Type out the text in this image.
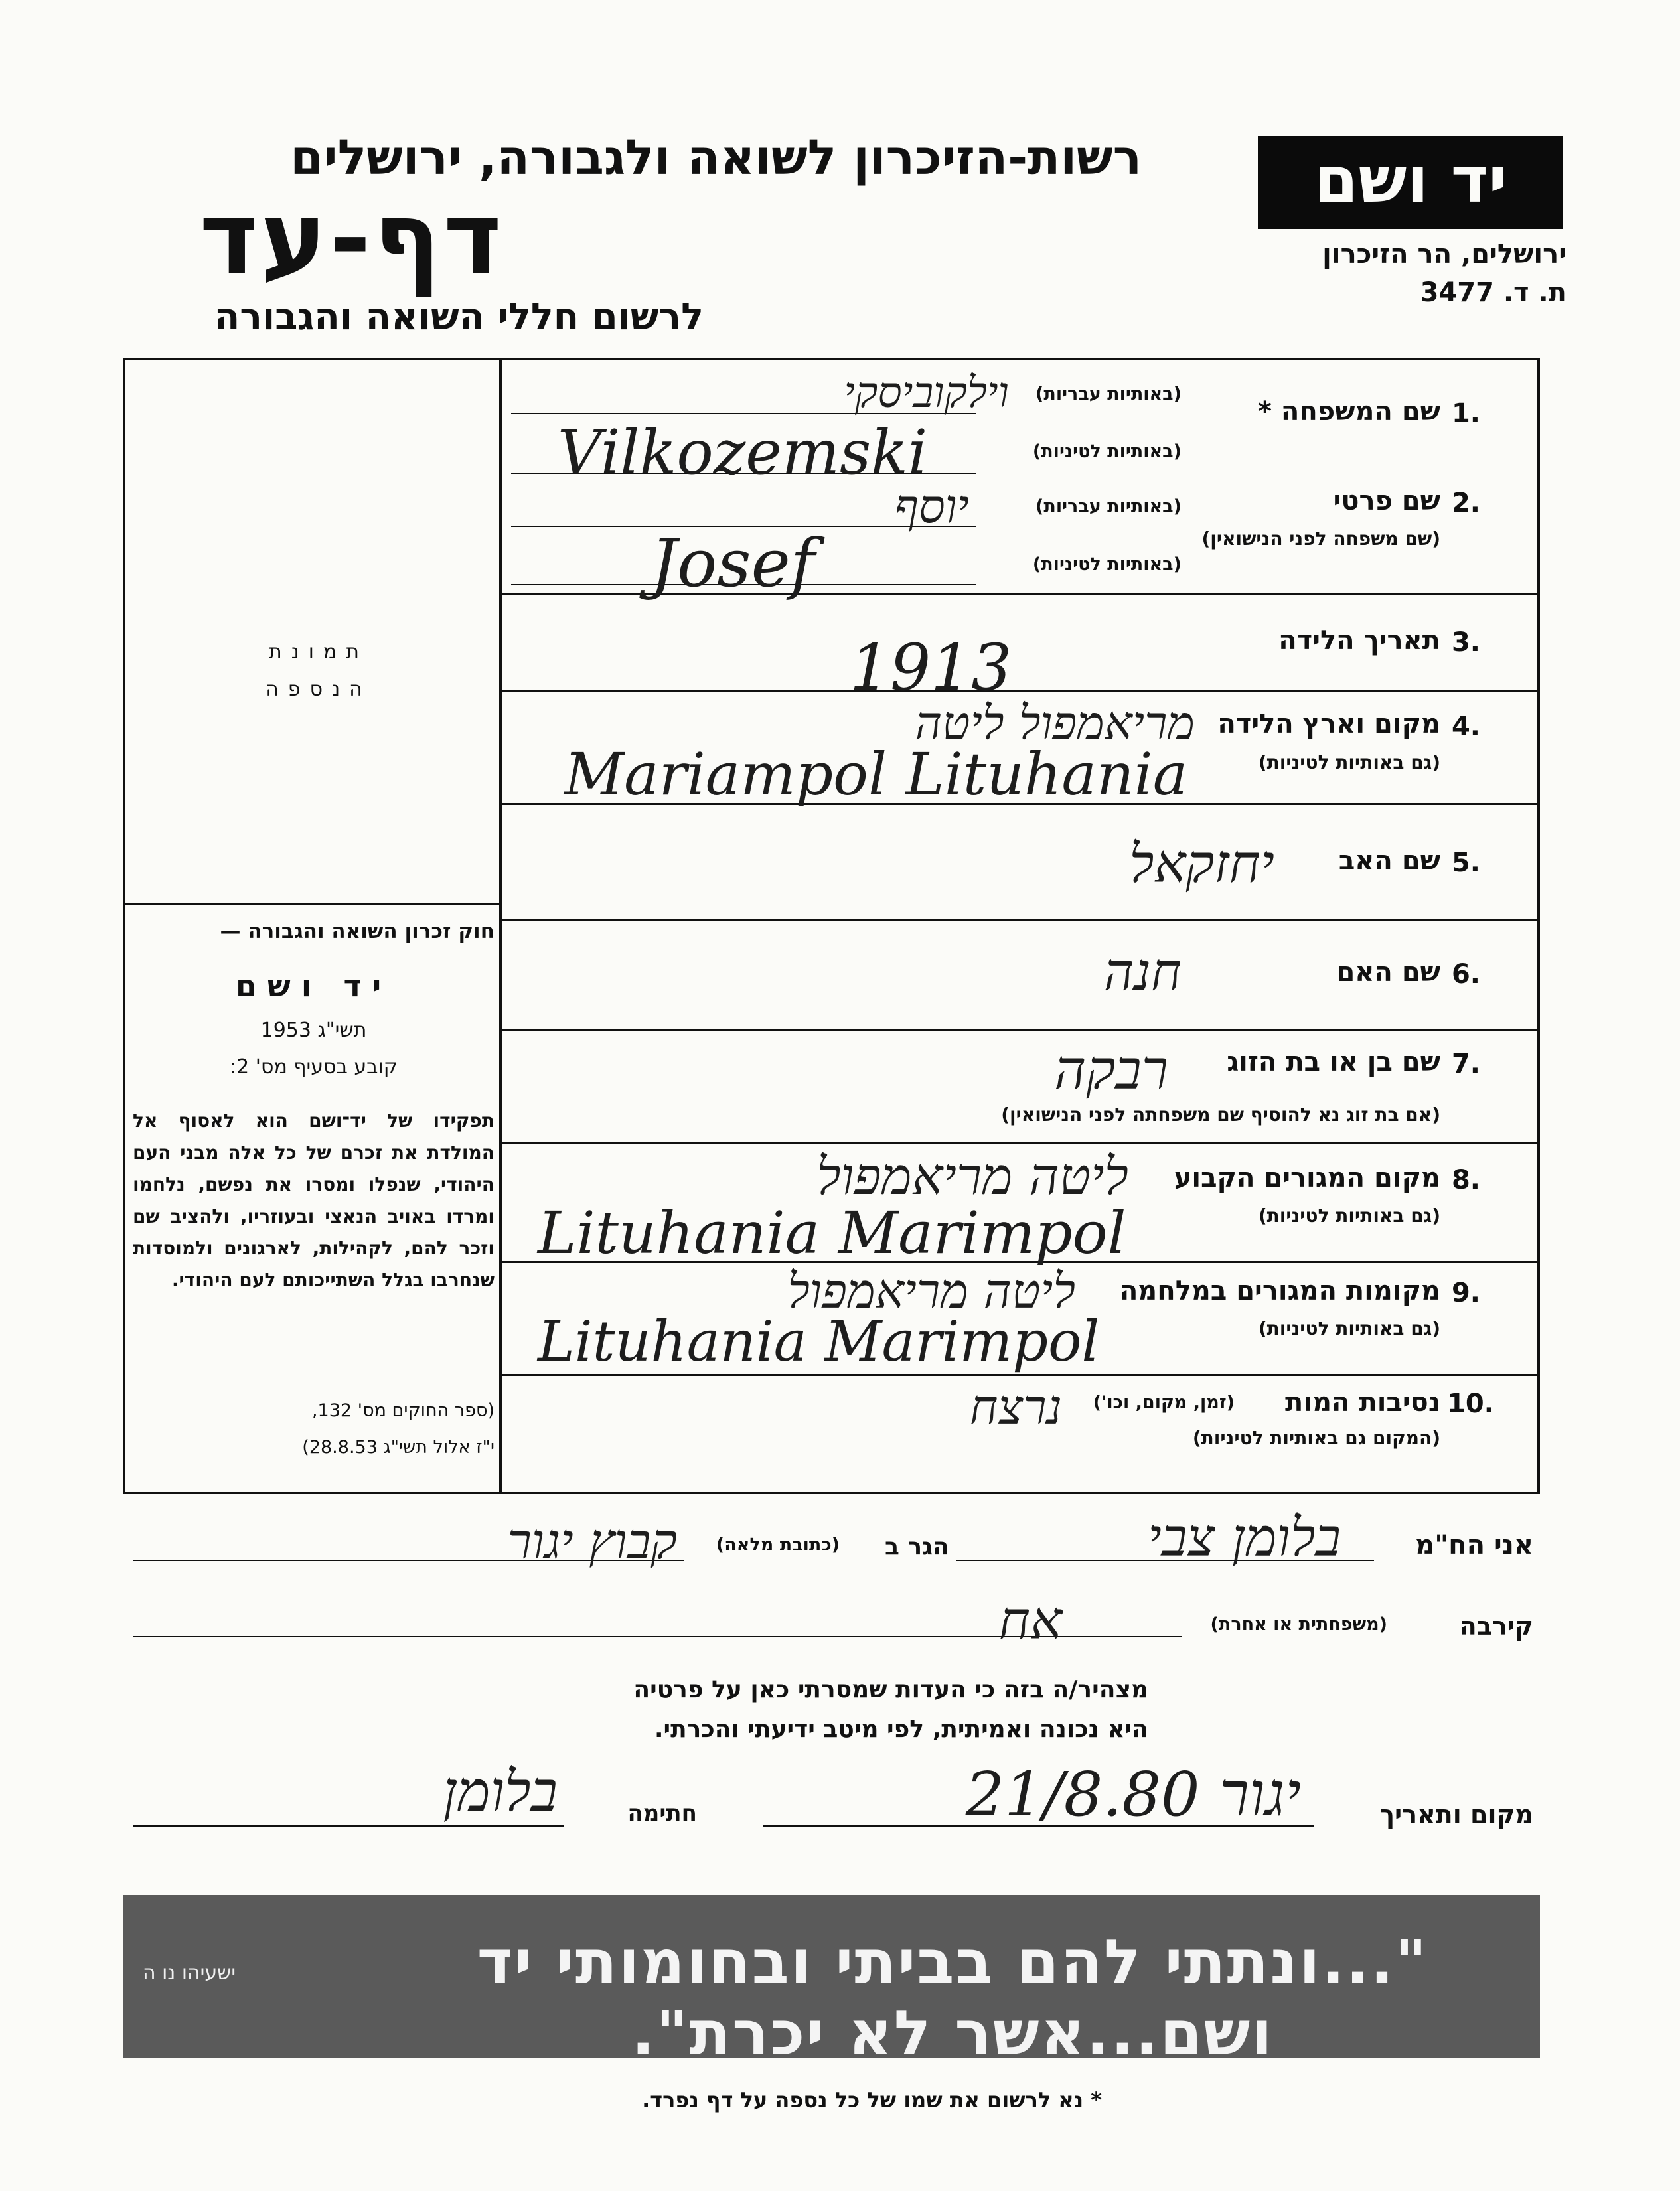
יד ושם
ירושלים, הר הזיכרון
ת. ד. 3477
רשות-הזיכרון לשואה ולגבורה, ירושלים
דף-עד
לרשום חללי השואה והגבורה
תמונת הנספה
חוק זכרון השואה והגבורה —
יד ושם
תשי"ג 1953
קובע בסעיף מס' 2:
תפקידו של יד־ושם הוא לאסוף אל המולדת את זכרם של כל אלה מבני העם היהודי, שנפלו ומסרו את נפשם, נלחמו ומרדו באויב הנאצי ובעוזריו, ולהציב שם וזכר להם, לקהילות, לארגונים ולמוסדות שנחרבו בגלל השתייכותם לעם היהודי.
(ספר החוקים מס' 132,
י"ז אלול תשי"ג 28.8.53)
1.
שם המשפחה *
(באותיות עבריות)
(באותיות לטיניות)
וילקוביסקי
Vilkozemski
2.
שם פרטי
(שם משפחה לפני הנישואין)
(באותיות עבריות)
(באותיות לטיניות)
יוסף
Josef
3.
תאריך הלידה
1913
4.
מקום וארץ הלידה
(גם באותיות לטיניות)
מריאמפול ליטה
Mariampol Lituhania
5.
שם האב
יחזקאל
6.
שם האם
חנה
7.
שם בן או בת הזוג
(אם בת זוג נא להוסיף שם משפחתה לפני הנישואין)
רבקה
8.
מקום המגורים הקבוע
(גם באותיות לטיניות)
ליטה מריאמפול
Lituhania Marimpol
9.
מקומות המגורים במלחמה
(גם באותיות לטיניות)
ליטה מריאמפול
Lituhania Marimpol
10.
נסיבות המות
(זמן, מקום, וכו')
(המקום גם באותיות לטיניות)
נרצח
אני הח"מ
בלומן צבי
הגר ב
(כתובת מלאה)
קבוץ יגור
קירבה
(משפחתית או אחרת)
אח
מצהיר/ה בזה כי העדות שמסרתי כאן על פרטיה
היא נכונה ואמיתית, לפי מיטב ידיעתי והכרתי.
מקום ותאריך
יגור 21/8.80
חתימה
בלומן
"...ונתתי להם בביתי ובחומותי יד ושם...אשר לא יכרת".
ישעיהו נו ה
* נא לרשום את שמו של כל נספה על דף נפרד.
